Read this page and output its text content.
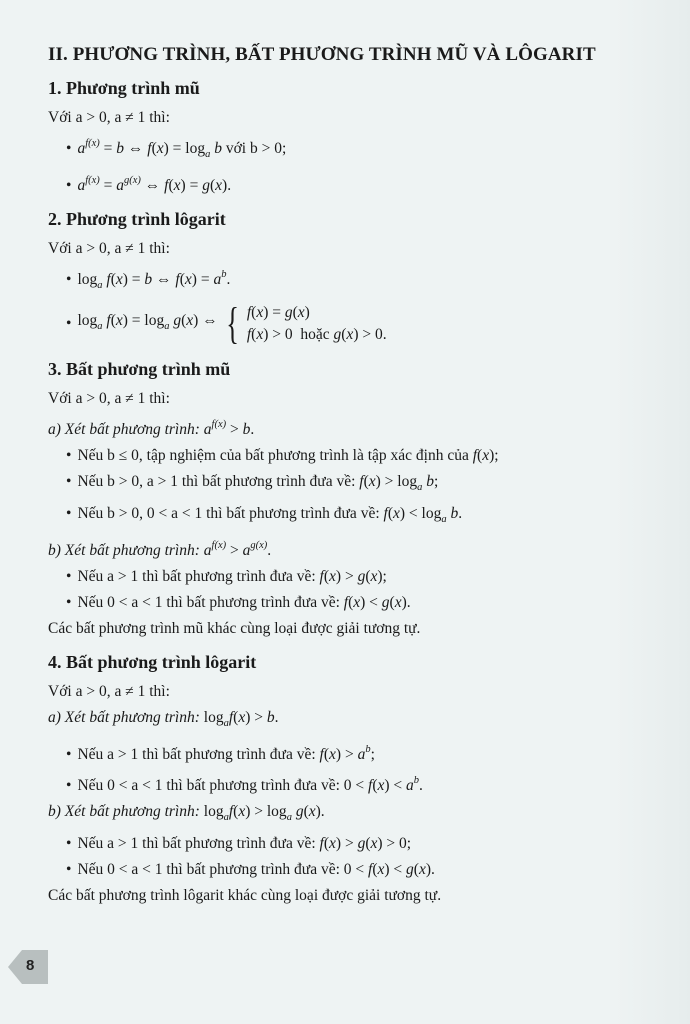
II. PHƯƠNG TRÌNH, BẤT PHƯƠNG TRÌNH MŨ VÀ LÔGARIT
1. Phương trình mũ
Với a > 0, a ≠ 1 thì:
• $a^{f(x)} = b$ ⇔ $f(x) = \log_a b$ với b > 0;
• $a^{f(x)} = a^{g(x)}$ ⇔ f(x) = g(x).
2. Phương trình lôgarit
Với a > 0, a ≠ 1 thì:
• $\log_a f(x) = b$ ⇔ $f(x) = a^b$.
• $\log_a f(x) = \log_a g(x)$ ⇔ { f(x) = g(x)
f(x) > 0  hoặc g(x) > 0.
3. Bất phương trình mũ
Với a > 0, a ≠ 1 thì:
a) Xét bất phương trình: $a^{f(x)} > b$.
• Nếu b ≤ 0, tập nghiệm của bất phương trình là tập xác định của f(x);
• Nếu b > 0, a > 1 thì bất phương trình đưa về: $f(x) > \log_a b$;
• Nếu b > 0, 0 < a < 1 thì bất phương trình đưa về: $f(x) < \log_a b$.
b) Xét bất phương trình: $a^{f(x)} > a^{g(x)}$.
• Nếu a > 1 thì bất phương trình đưa về: f(x) > g(x);
• Nếu 0 < a < 1 thì bất phương trình đưa về: f(x) < g(x).
Các bất phương trình mũ khác cùng loại được giải tương tự.
4. Bất phương trình lôgarit
Với a > 0, a ≠ 1 thì:
a) Xét bất phương trình: $\log_af(x) > b$.
• Nếu a > 1 thì bất phương trình đưa về: $f(x) > a^b$;
• Nếu 0 < a < 1 thì bất phương trình đưa về: $0 < f(x) < a^b$.
b) Xét bất phương trình: $\log_af(x) > \log_a g(x)$.
• Nếu a > 1 thì bất phương trình đưa về: f(x) > g(x) > 0;
• Nếu 0 < a < 1 thì bất phương trình đưa về: 0 < f(x) < g(x).
Các bất phương trình lôgarit khác cùng loại được giải tương tự.
8
